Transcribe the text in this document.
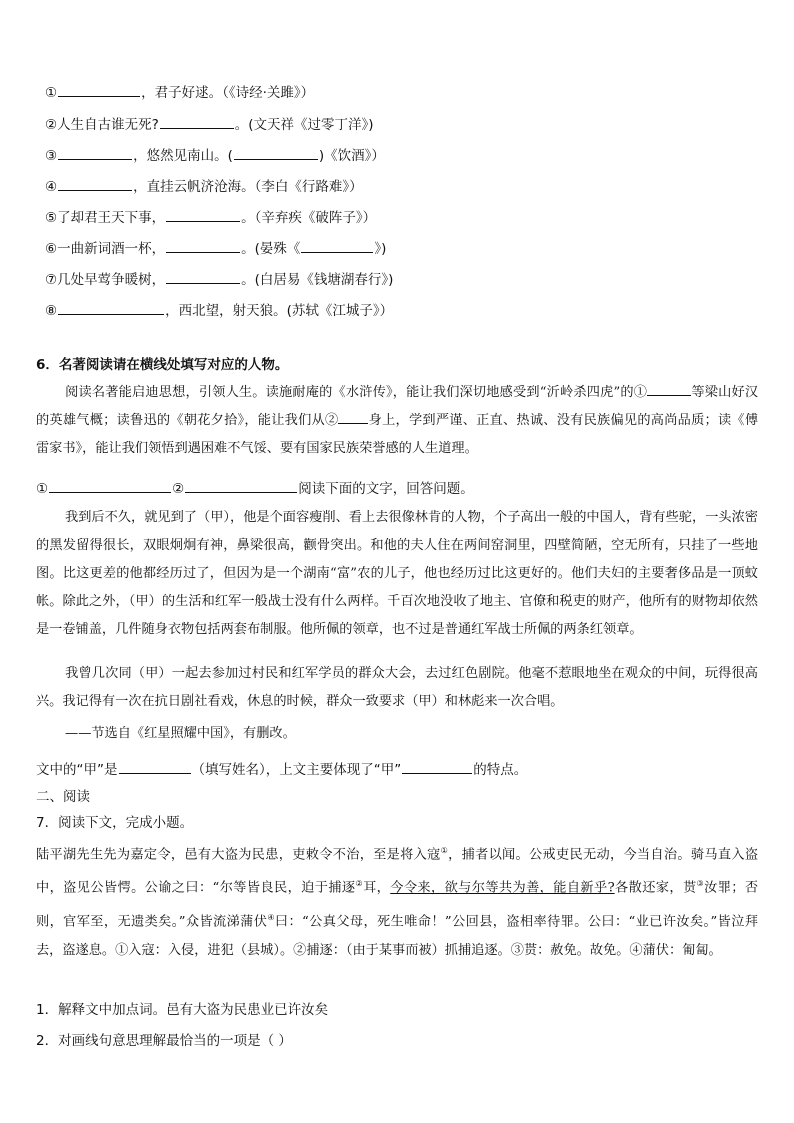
①	，君子好逑。（《诗经·关雎》）
②人生自古谁无死?	。(文天祥《过零丁洋》)
③	，悠然见南山。(	)《饮酒》）
④	，直挂云帆济沧海。（李白《行路难》）
⑤了却君王天下事，	。（辛弃疾《破阵子》）
⑥一曲新词酒一杯，	。(晏殊《	》)
⑦几处早莺争暖树，	。(白居易《钱塘湖春行》)
⑧	，西北望，射天狼。(苏轼《江城子》）
6．名著阅读请在横线处填写对应的人物。
阅读名著能启迪思想，引领人生。读施耐庵的《水浒传》，能让我们深切地感受到“沂岭杀四虎”的①	等梁山好汉的英雄气概；读鲁迅的《朝花夕拾》，能让我们从② 身上，学到严谨、正直、热诚、没有民族偏见的高尚品质；读《傅雷家书》，能让我们领悟到遇困难不气馁、要有国家民族荣誉感的人生道理。
①	②	阅读下面的文字，回答问题。
我到后不久，就见到了（甲），他是个面容瘦削、看上去很像林肯的人物，个子高出一般的中国人，背有些驼，一头浓密的黑发留得很长，双眼炯炯有神，鼻梁很高，颧骨突出。和他的夫人住在两间窑洞里，四壁简陋，空无所有，只挂了一些地图。比这更差的他都经历过了，但因为是一个湖南“富”农的儿子，他也经历过比这更好的。他们夫妇的主要奢侈品是一顶蚊帐。除此之外，（甲）的生活和红军一般战士没有什么两样。千百次地没收了地主、官僚和税吏的财产，他所有的财物却依然是一卷铺盖，几件随身衣物包括两套布制服。他所佩的领章，也不过是普通红军战士所佩的两条红领章。
我曾几次同（甲）一起去参加过村民和红军学员的群众大会，去过红色剧院。他毫不惹眼地坐在观众的中间，玩得很高兴。我记得有一次在抗日剧社看戏，休息的时候，群众一致要求（甲）和林彪来一次合唱。
——节选自《红星照耀中国》，有删改。
文中的“甲”是	（填写姓名），上文主要体现了“甲”	的特点。
二、阅读
7．阅读下文，完成小题。
陆平湖先生先为嘉定令，邑有大盗为民患，吏敕令不治，至是将入寇①，捕者以闻。公戒吏民无动，今当自治。骑马直入盗中，盗见公皆愕。公谕之曰：“尔等皆良民，迫于捕逐②耳，今令来，欲与尔等共为善，能自新乎?各散还家，贳③汝罪；否则，官军至，无遗类矣。”众皆流涕蒲伏④曰：“公真父母，死生唯命！”公回县，盗相率待罪。公曰：“业已许汝矣。”皆泣拜去，盗遂息。①入寇：入侵，进犯（县城）。②捕逐：（由于某事而被）抓捕追逐。③贳：赦免。故免。④蒲伏：匍匐。
1．解释文中加点词。邑有大盗为民患业已许汝矣
2．对画线句意思理解最恰当的一项是（ ）
